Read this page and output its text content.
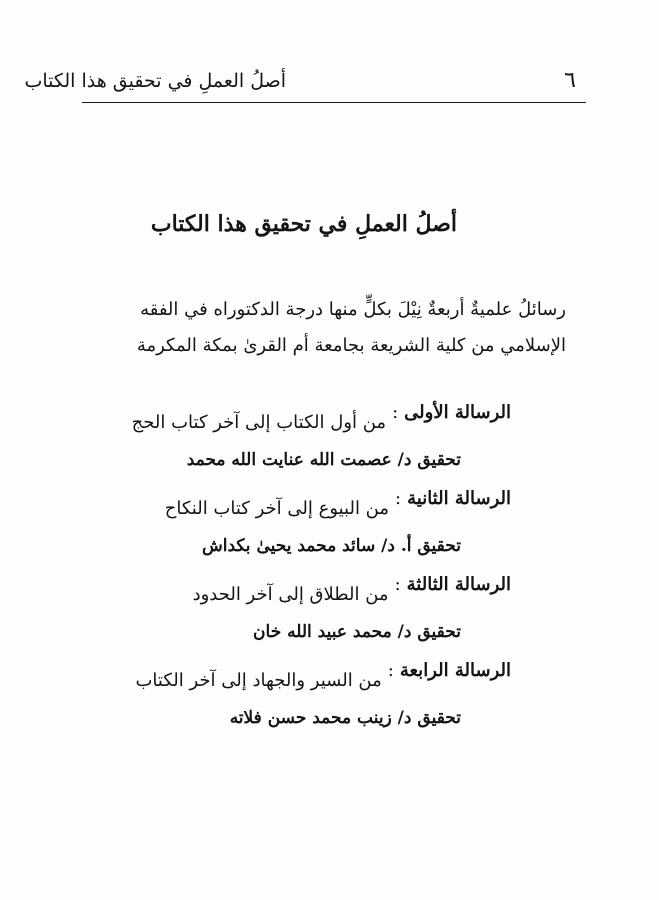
٦
أصلُ العملِ في تحقيق هذا الكتاب
أصلُ العملِ في تحقيق هذا الكتاب
رسائلُ علميةٌ أربعةٌ نِيْلَ بكلٍّ منها درجة الدكتوراه في الفقه
الإسلامي من كلية الشريعة بجامعة أم القرىٰ بمكة المكرمة
الرسالة الأولى:من أول الكتاب إلى آخر كتاب الحج
تحقيق د/ عصمت الله عنايت الله محمد
الرسالة الثانية:من البيوع إلى آخر كتاب النكاح
تحقيق أ. د/ سائد محمد يحيىٰ بكداش
الرسالة الثالثة:من الطلاق إلى آخر الحدود
تحقيق د/ محمد عبيد الله خان
الرسالة الرابعة:من السير والجهاد إلى آخر الكتاب
تحقيق د/ زينب محمد حسن فلاته
